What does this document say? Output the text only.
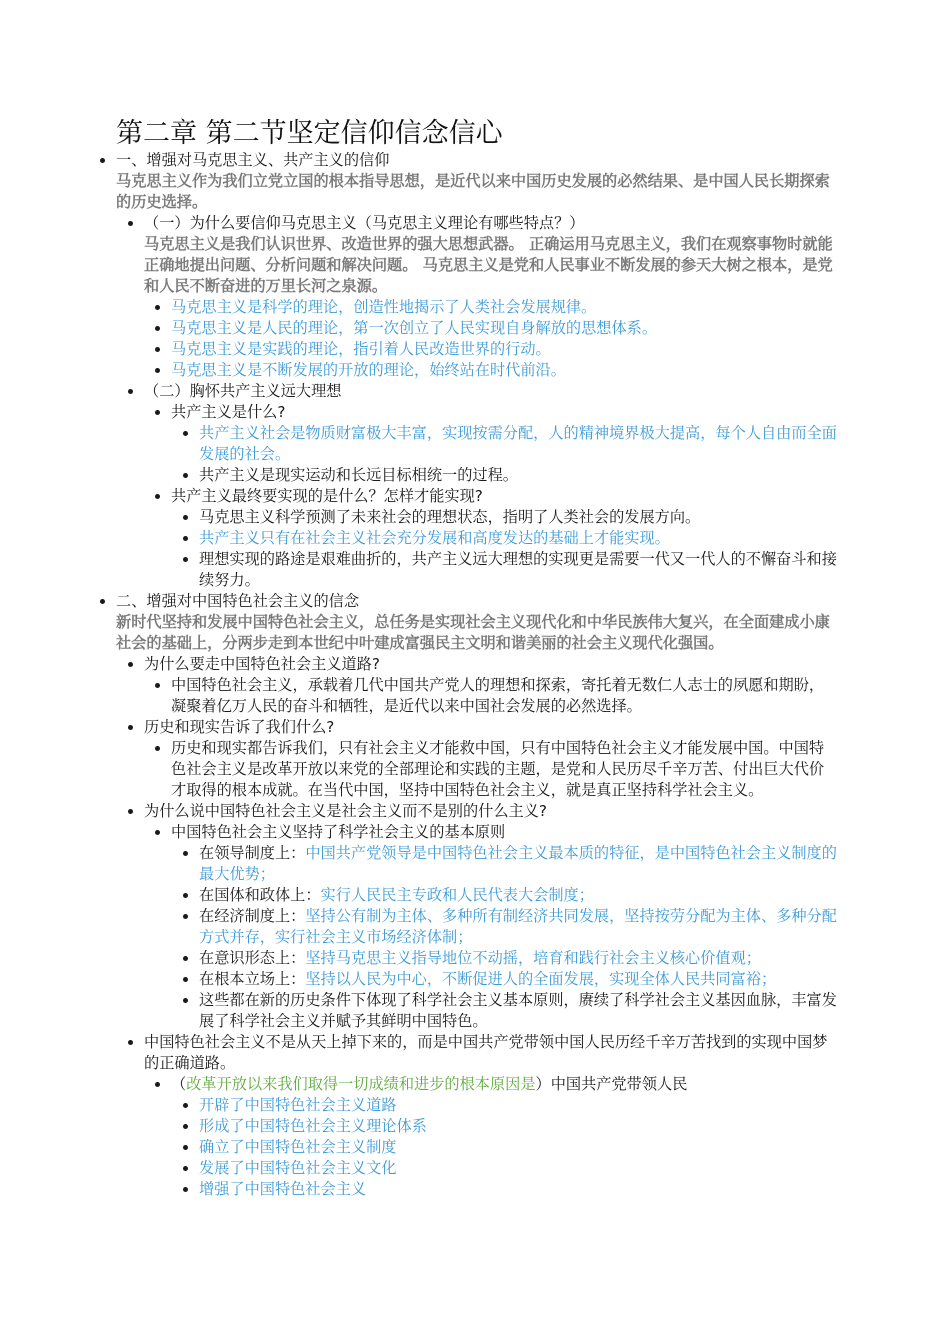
第二章 第二节坚定信仰信念信心
一、增强对马克思主义、共产主义的信仰
马克思主义作为我们立党立国的根本指导思想，是近代以来中国历史发展的必然结果、是中国人民长期探索的历史选择。
（一）为什么要信仰马克思主义（马克思主义理论有哪些特点？）
马克思主义是我们认识世界、改造世界的强大思想武器。 正确运用马克思主义，我们在观察事物时就能正确地提出问题、分析问题和解决问题。 马克思主义是党和人民事业不断发展的参天大树之根本，是党和人民不断奋进的万里长河之泉源。
马克思主义是科学的理论，创造性地揭示了人类社会发展规律。
马克思主义是人民的理论，第一次创立了人民实现自身解放的思想体系。
马克思主义是实践的理论，指引着人民改造世界的行动。
马克思主义是不断发展的开放的理论，始终站在时代前沿。
（二）胸怀共产主义远大理想
共产主义是什么?
共产主义社会是物质财富极大丰富，实现按需分配，人的精神境界极大提高，每个人自由而全面发展的社会。
共产主义是现实运动和长远目标相统一的过程。
共产主义最终要实现的是什么？怎样才能实现?
马克思主义科学预测了未来社会的理想状态，指明了人类社会的发展方向。
共产主义只有在社会主义社会充分发展和高度发达的基础上才能实现。
理想实现的路途是艰难曲折的，共产主义远大理想的实现更是需要一代又一代人的不懈奋斗和接续努力。
二、增强对中国特色社会主义的信念
新时代坚持和发展中国特色社会主义，总任务是实现社会主义现代化和中华民族伟大复兴，在全面建成小康社会的基础上，分两步走到本世纪中叶建成富强民主文明和谐美丽的社会主义现代化强国。
为什么要走中国特色社会主义道路?
中国特色社会主义，承载着几代中国共产党人的理想和探索，寄托着无数仁人志士的夙愿和期盼，凝聚着亿万人民的奋斗和牺牲，是近代以来中国社会发展的必然选择。
历史和现实告诉了我们什么?
历史和现实都告诉我们，只有社会主义才能救中国，只有中国特色社会主义才能发展中国。中国特色社会主义是改革开放以来党的全部理论和实践的主题，是党和人民历尽千辛万苦、付出巨大代价才取得的根本成就。在当代中国，坚持中国特色社会主义，就是真正坚持科学社会主义。
为什么说中国特色社会主义是社会主义而不是别的什么主义?
中国特色社会主义坚持了科学社会主义的基本原则
在领导制度上：中国共产党领导是中国特色社会主义最本质的特征，是中国特色社会主义制度的最大优势；
在国体和政体上：实行人民民主专政和人民代表大会制度；
在经济制度上：坚持公有制为主体、多种所有制经济共同发展，坚持按劳分配为主体、多种分配方式并存，实行社会主义市场经济体制；
在意识形态上：坚持马克思主义指导地位不动摇，培育和践行社会主义核心价值观；
在根本立场上：坚持以人民为中心，不断促进人的全面发展，实现全体人民共同富裕；
这些都在新的历史条件下体现了科学社会主义基本原则，赓续了科学社会主义基因血脉，丰富发展了科学社会主义并赋予其鲜明中国特色。
中国特色社会主义不是从天上掉下来的，而是中国共产党带领中国人民历经千辛万苦找到的实现中国梦的正确道路。
（改革开放以来我们取得一切成绩和进步的根本原因是）中国共产党带领人民
开辟了中国特色社会主义道路
形成了中国特色社会主义理论体系
确立了中国特色社会主义制度
发展了中国特色社会主义文化
增强了中国特色社会主义
